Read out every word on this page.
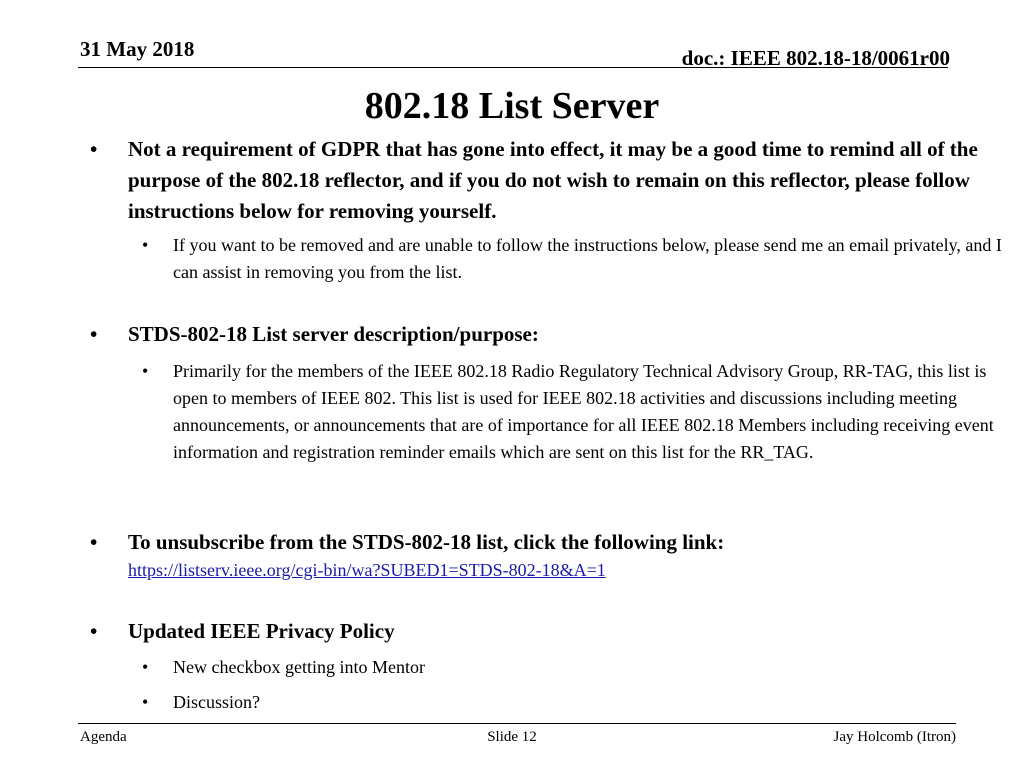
31 May 2018	doc.: IEEE 802.18-18/0061r00
802.18 List Server
• Not a requirement of GDPR that has gone into effect, it may be a good time to remind all of the purpose of the 802.18 reflector, and if you do not wish to remain on this reflector, please follow instructions below for removing yourself.
• If you want to be removed and are unable to follow the instructions below, please send me an email privately, and I can assist in removing you from the list.
• STDS-802-18 List server description/purpose:
• Primarily for the members of the IEEE 802.18 Radio Regulatory Technical Advisory Group, RR-TAG, this list is open to members of IEEE 802. This list is used for IEEE 802.18 activities and discussions including meeting announcements, or announcements that are of importance for all IEEE 802.18 Members including receiving event information and registration reminder emails which are sent on this list for the RR_TAG.
• To unsubscribe from the STDS-802-18 list, click the following link:
https://listserv.ieee.org/cgi-bin/wa?SUBED1=STDS-802-18&A=1
• Updated IEEE Privacy Policy
• New checkbox getting into Mentor
• Discussion?
Agenda	Slide 12	Jay Holcomb (Itron)
